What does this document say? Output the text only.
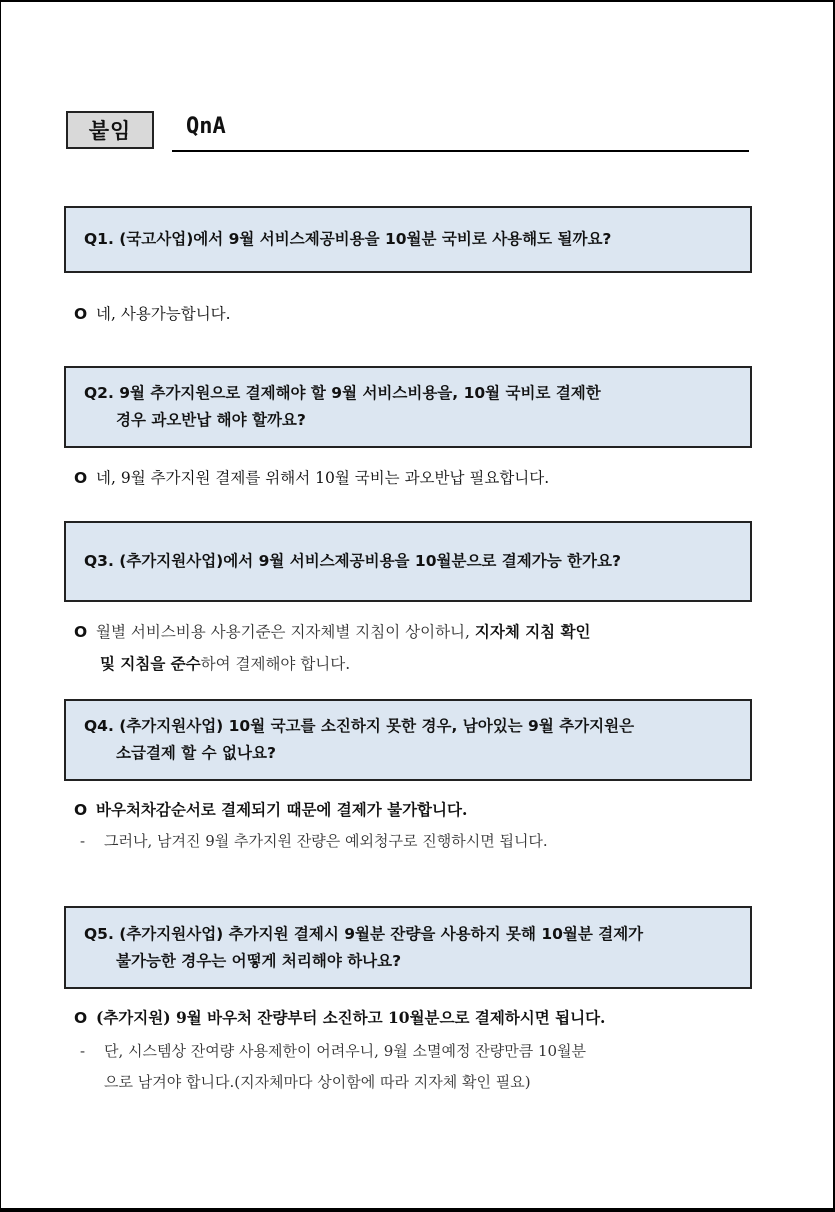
붙임	QnA
Q1. (국고사업)에서 9월 서비스제공비용을 10월분 국비로 사용해도 될까요?
O 네, 사용가능합니다.
Q2. 9월 추가지원으로 결제해야 할 9월 서비스비용을, 10월 국비로 결제한
경우 과오반납 해야 할까요?
O 네, 9월 추가지원 결제를 위해서 10월 국비는 과오반납 필요합니다.
Q3. (추가지원사업)에서 9월 서비스제공비용을 10월분으로 결제가능 한가요?
O 월별 서비스비용 사용기준은 지자체별 지침이 상이하니, 지자체 지침 확인
및 지침을 준수하여 결제해야 합니다.
Q4. (추가지원사업) 10월 국고를 소진하지 못한 경우, 남아있는 9월 추가지원은
소급결제 할 수 없나요?
O 바우처차감순서로 결제되기 때문에 결제가 불가합니다.
- 그러나, 남겨진 9월 추가지원 잔량은 예외청구로 진행하시면 됩니다.
Q5. (추가지원사업) 추가지원 결제시 9월분 잔량을 사용하지 못해 10월분 결제가
불가능한 경우는 어떻게 처리해야 하나요?
O (추가지원) 9월 바우처 잔량부터 소진하고 10월분으로 결제하시면 됩니다.
- 단, 시스템상 잔여량 사용제한이 어려우니, 9월 소멸예정 잔량만큼 10월분
으로 남겨야 합니다.(지자체마다 상이함에 따라 지자체 확인 필요)
